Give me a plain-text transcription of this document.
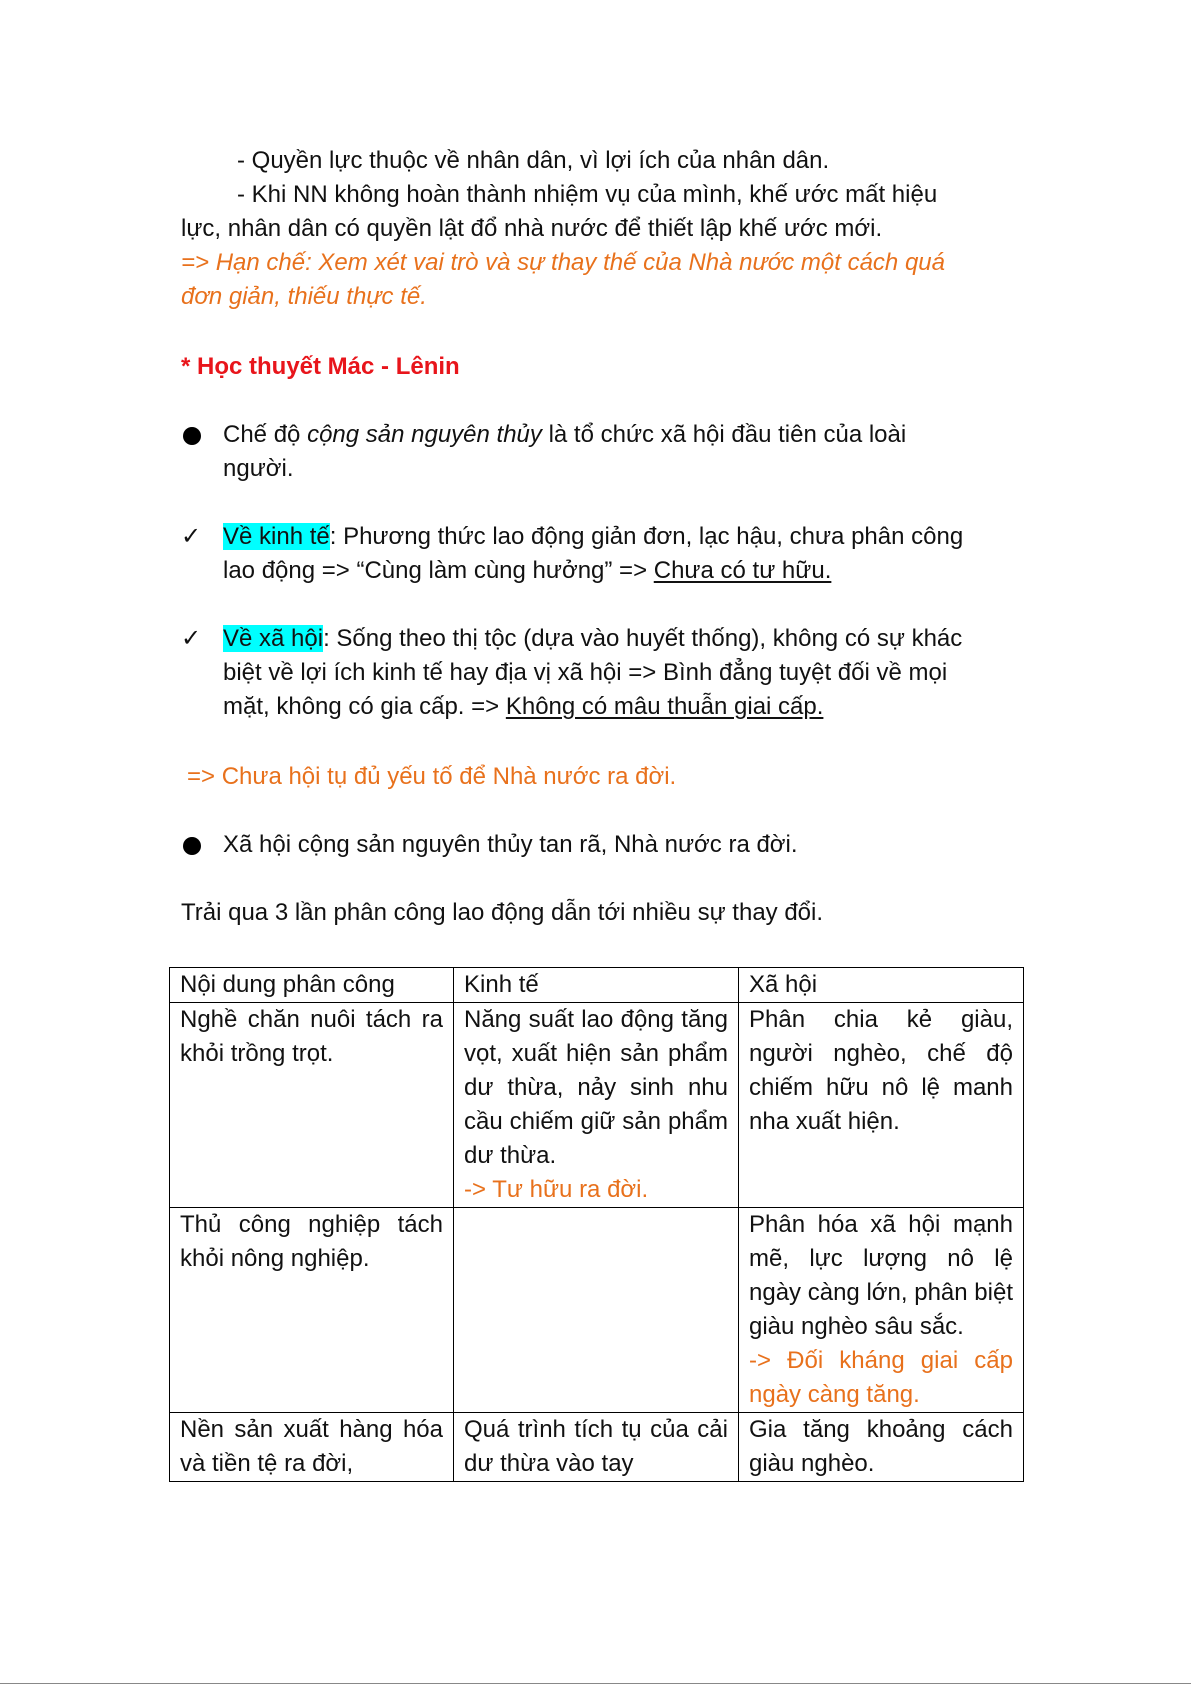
- Quyền lực thuộc về nhân dân, vì lợi ích của nhân dân.
- Khi NN không hoàn thành nhiệm vụ của mình, khế ước mất hiệu
lực, nhân dân có quyền lật đổ nhà nước để thiết lập khế ước mới.
=> Hạn chế: Xem xét vai trò và sự thay thế của Nhà nước một cách quá
đơn giản, thiếu thực tế.
* Học thuyết Mác - Lênin
Chế độ cộng sản nguyên thủy là tổ chức xã hội đầu tiên của loài
người.
✓ Về kinh tế: Phương thức lao động giản đơn, lạc hậu, chưa phân công
lao động => “Cùng làm cùng hưởng” => Chưa có tư hữu.
✓ Về xã hội: Sống theo thị tộc (dựa vào huyết thống), không có sự khác
biệt về lợi ích kinh tế hay địa vị xã hội => Bình đẳng tuyệt đối về mọi
mặt, không có gia cấp. => Không có mâu thuẫn giai cấp.
=> Chưa hội tụ đủ yếu tố để Nhà nước ra đời.
Xã hội cộng sản nguyên thủy tan rã, Nhà nước ra đời.
Trải qua 3 lần phân công lao động dẫn tới nhiều sự thay đổi.
Nội dung phân công	Kinh tế	Xã hội
Nghề chăn nuôi tách ra khỏi trồng trọt.	Năng suất lao động tăng vọt, xuất hiện sản phẩm dư thừa, nảy sinh nhu cầu chiếm giữ sản phẩm dư thừa.
-> Tư hữu ra đời.	Phân chia kẻ giàu, người nghèo, chế độ chiếm hữu nô lệ manh nha xuất hiện.
Thủ công nghiệp tách khỏi nông nghiệp.		Phân hóa xã hội mạnh mẽ, lực lượng nô lệ ngày càng lớn, phân biệt giàu nghèo sâu sắc.
-> Đối kháng giai cấp ngày càng tăng.

Nền sản xuất hàng hóa và tiền tệ ra đời,	Quá trình tích tụ của cải dư thừa vào tay	Gia tăng khoảng cách giàu nghèo.
